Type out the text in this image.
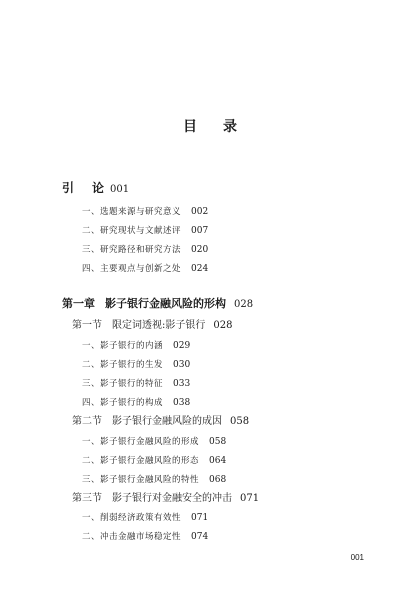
目 录
引 论 001
一、选题来源与研究意义 002
二、研究现状与文献述评 007
三、研究路径和研究方法 020
四、主要观点与创新之处 024
第一章 影子银行金融风险的形构 028
第一节 限定词透视:影子银行 028
一、影子银行的内涵 029
二、影子银行的生发 030
三、影子银行的特征 033
四、影子银行的构成 038
第二节 影子银行金融风险的成因 058
一、影子银行金融风险的形成 058
二、影子银行金融风险的形态 064
三、影子银行金融风险的特性 068
第三节 影子银行对金融安全的冲击 071
一、削弱经济政策有效性 071
二、冲击金融市场稳定性 074
001
